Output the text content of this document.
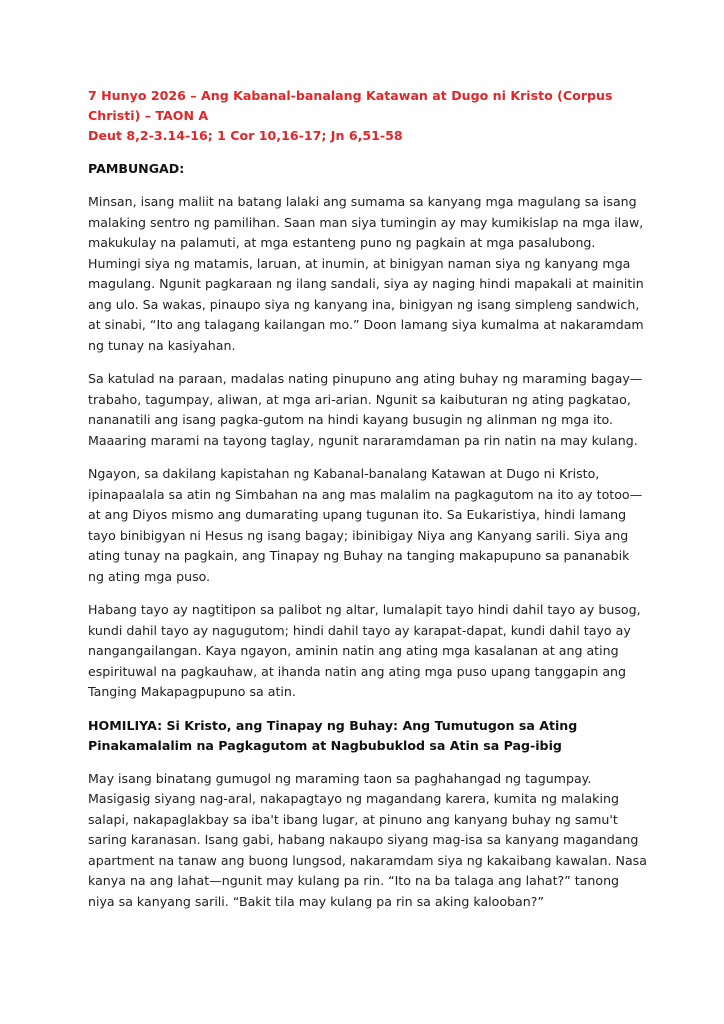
7 Hunyo 2026 – Ang Kabanal-banalang Katawan at Dugo ni Kristo (Corpus Christi) – TAON A

Deut 8,2-3.14-16; 1 Cor 10,16-17; Jn 6,51-58

PAMBUNGAD:

Minsan, isang maliit na batang lalaki ang sumama sa kanyang mga magulang sa isang malaking sentro ng pamilihan. Saan man siya tumingin ay may kumikislap na mga ilaw, makukulay na palamuti, at mga estanteng puno ng pagkain at mga pasalubong. Humingi siya ng matamis, laruan, at inumin, at binigyan naman siya ng kanyang mga magulang. Ngunit pagkaraan ng ilang sandali, siya ay naging hindi mapakali at mainitin ang ulo. Sa wakas, pinaupo siya ng kanyang ina, binigyan ng isang simpleng sandwich, at sinabi, “Ito ang talagang kailangan mo.” Doon lamang siya kumalma at nakaramdam ng tunay na kasiyahan.

Sa katulad na paraan, madalas nating pinupuno ang ating buhay ng maraming bagay—trabaho, tagumpay, aliwan, at mga ari-arian. Ngunit sa kaibuturan ng ating pagkatao, nananatili ang isang pagka-gutom na hindi kayang busugin ng alinman ng mga ito. Maaaring marami na tayong taglay, ngunit nararamdaman pa rin natin na may kulang.

Ngayon, sa dakilang kapistahan ng Kabanal-banalang Katawan at Dugo ni Kristo, ipinapaalala sa atin ng Simbahan na ang mas malalim na pagkagutom na ito ay totoo—at ang Diyos mismo ang dumarating upang tugunan ito. Sa Eukaristiya, hindi lamang tayo binibigyan ni Hesus ng isang bagay; ibinibigay Niya ang Kanyang sarili. Siya ang ating tunay na pagkain, ang Tinapay ng Buhay na tanging makapupuno sa pananabik ng ating mga puso.

Habang tayo ay nagtitipon sa palibot ng altar, lumalapit tayo hindi dahil tayo ay busog, kundi dahil tayo ay nagugutom; hindi dahil tayo ay karapat-dapat, kundi dahil tayo ay nangangailangan. Kaya ngayon, aminin natin ang ating mga kasalanan at ang ating espirituwal na pagkauhaw, at ihanda natin ang ating mga puso upang tanggapin ang Tanging Makapagpupuno sa atin.

HOMILIYA: Si Kristo, ang Tinapay ng Buhay: Ang Tumutugon sa Ating Pinakamalalim na Pagkagutom at Nagbubuklod sa Atin sa Pag-ibig

May isang binatang gumugol ng maraming taon sa paghahangad ng tagumpay. Masigasig siyang nag-aral, nakapagtayo ng magandang karera, kumita ng malaking salapi, nakapaglakbay sa iba't ibang lugar, at pinuno ang kanyang buhay ng samu't saring karanasan. Isang gabi, habang nakaupo siyang mag-isa sa kanyang magandang apartment na tanaw ang buong lungsod, nakaramdam siya ng kakaibang kawalan. Nasa kanya na ang lahat—ngunit may kulang pa rin. “Ito na ba talaga ang lahat?” tanong niya sa kanyang sarili. “Bakit tila may kulang pa rin sa aking kalooban?”
